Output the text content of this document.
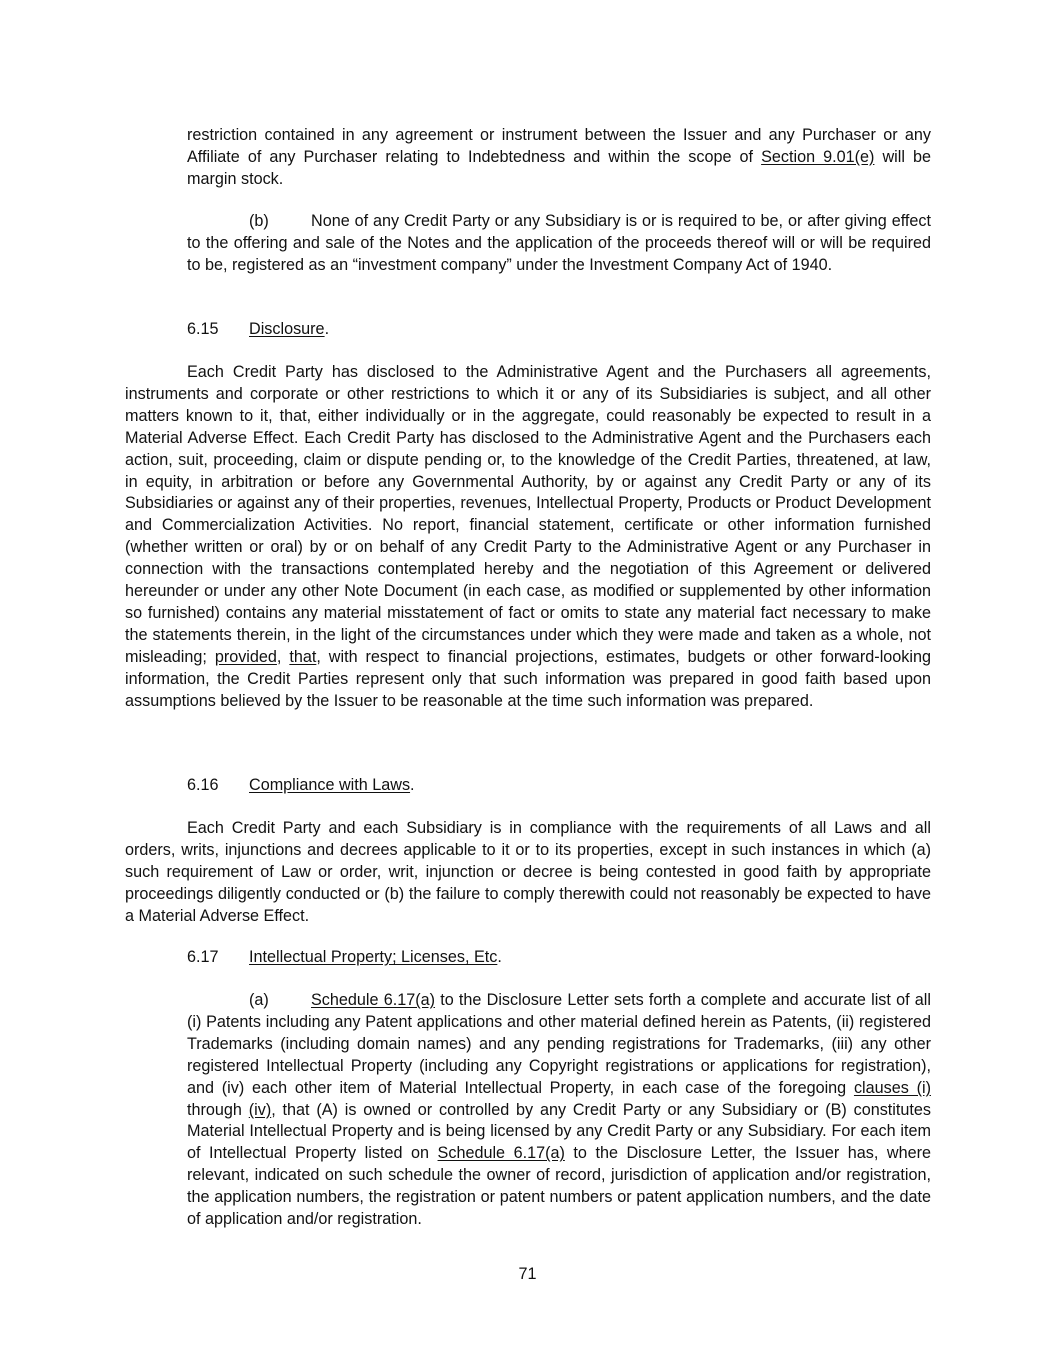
restriction contained in any agreement or instrument between the Issuer and any Purchaser or any Affiliate of any Purchaser relating to Indebtedness and within the scope of Section 9.01(e) will be margin stock.

(b)	None of any Credit Party or any Subsidiary is or is required to be, or after giving effect to the offering and sale of the Notes and the application of the proceeds thereof will or will be required to be, registered as an “investment company” under the Investment Company Act of 1940.

6.15 Disclosure.

Each Credit Party has disclosed to the Administrative Agent and the Purchasers all agreements, instruments and corporate or other restrictions to which it or any of its Subsidiaries is subject, and all other matters known to it, that, either individually or in the aggregate, could reasonably be expected to result in a Material Adverse Effect. Each Credit Party has disclosed to the Administrative Agent and the Purchasers each action, suit, proceeding, claim or dispute pending or, to the knowledge of the Credit Parties, threatened, at law, in equity, in arbitration or before any Governmental Authority, by or against any Credit Party or any of its Subsidiaries or against any of their properties, revenues, Intellectual Property, Products or Product Development and Commercialization Activities. No report, financial statement, certificate or other information furnished (whether written or oral) by or on behalf of any Credit Party to the Administrative Agent or any Purchaser in connection with the transactions contemplated hereby and the negotiation of this Agreement or delivered hereunder or under any other Note Document (in each case, as modified or supplemented by other information so furnished) contains any material misstatement of fact or omits to state any material fact necessary to make the statements therein, in the light of the circumstances under which they were made and taken as a whole, not misleading; provided, that, with respect to financial projections, estimates, budgets or other forward-looking information, the Credit Parties represent only that such information was prepared in good faith based upon assumptions believed by the Issuer to be reasonable at the time such information was prepared.

6.16 Compliance with Laws.

Each Credit Party and each Subsidiary is in compliance with the requirements of all Laws and all orders, writs, injunctions and decrees applicable to it or to its properties, except in such instances in which (a) such requirement of Law or order, writ, injunction or decree is being contested in good faith by appropriate proceedings diligently conducted or (b) the failure to comply therewith could not reasonably be expected to have a Material Adverse Effect.

6.17 Intellectual Property; Licenses, Etc.

(a)	Schedule 6.17(a) to the Disclosure Letter sets forth a complete and accurate list of all (i) Patents including any Patent applications and other material defined herein as Patents, (ii) registered Trademarks (including domain names) and any pending registrations for Trademarks, (iii) any other registered Intellectual Property (including any Copyright registrations or applications for registration), and (iv) each other item of Material Intellectual Property, in each case of the foregoing clauses (i) through (iv), that (A) is owned or controlled by any Credit Party or any Subsidiary or (B) constitutes Material Intellectual Property and is being licensed by any Credit Party or any Subsidiary. For each item of Intellectual Property listed on Schedule 6.17(a) to the Disclosure Letter, the Issuer has, where relevant, indicated on such schedule the owner of record, jurisdiction of application and/or registration, the application numbers, the registration or patent numbers or patent application numbers, and the date of application and/or registration.

71
